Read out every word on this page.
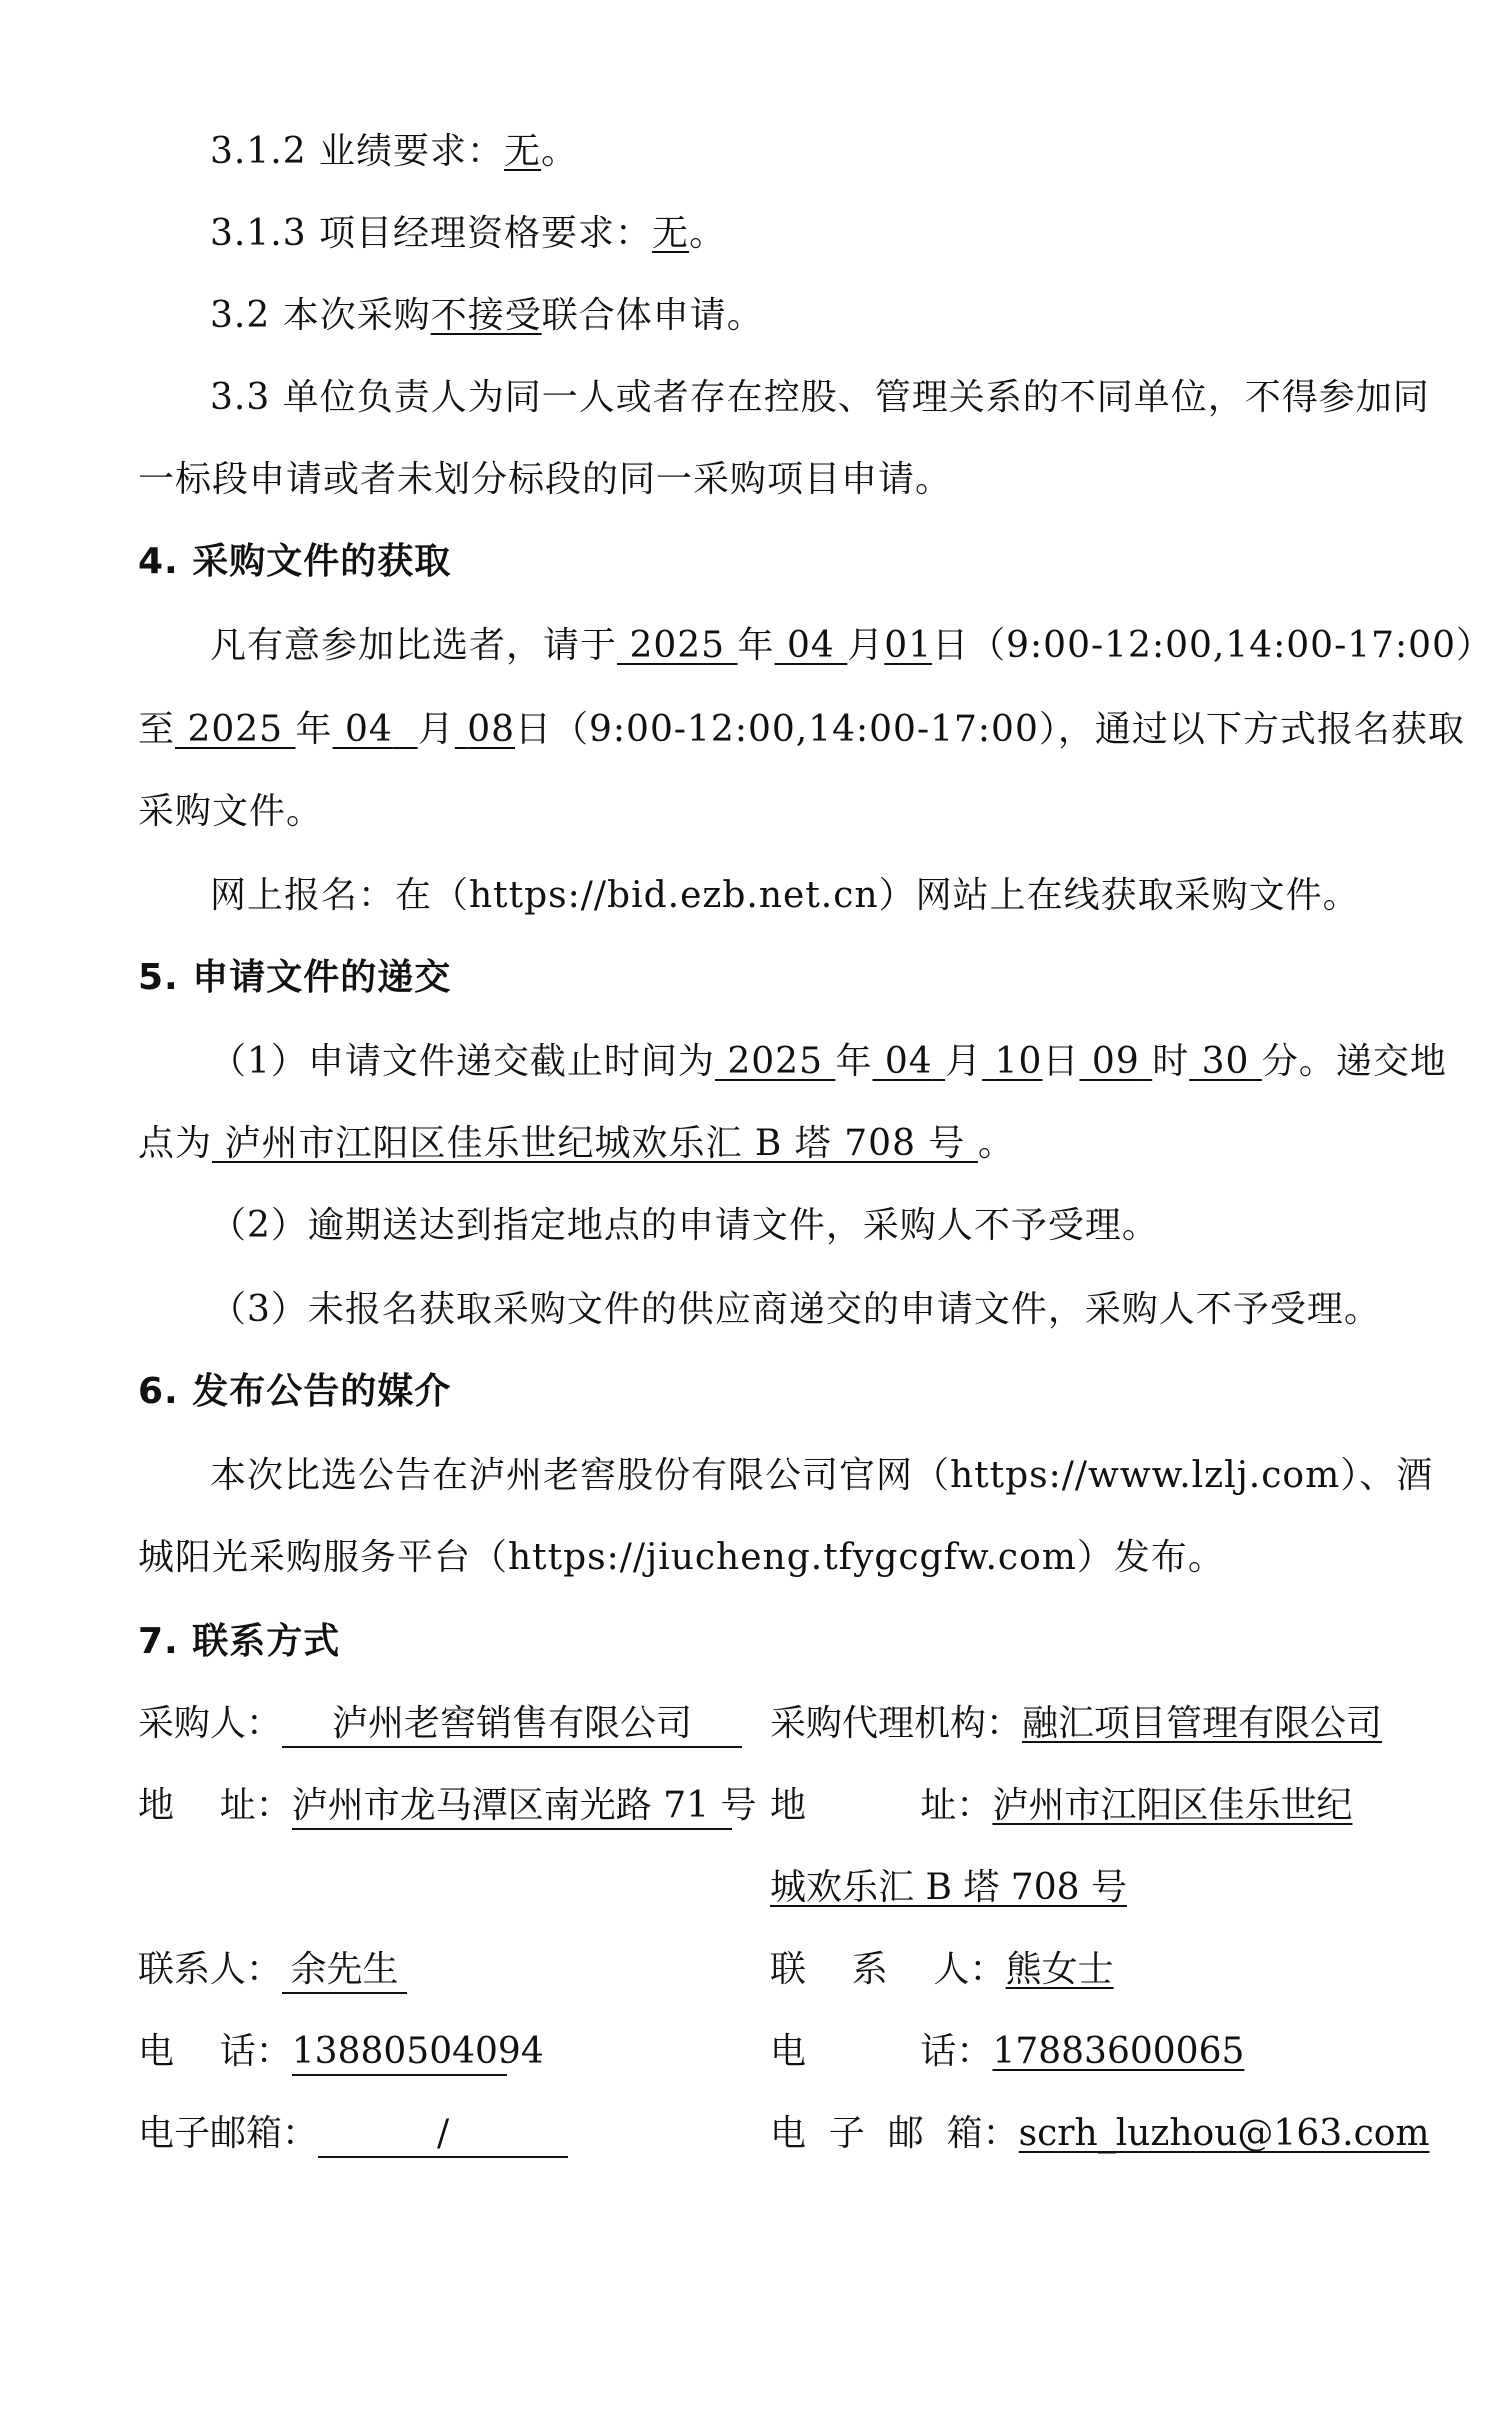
3.1.2 业绩要求：无。
3.1.3 项目经理资格要求：无。
3.2 本次采购不接受联合体申请。
3.3 单位负责人为同一人或者存在控股、管理关系的不同单位，不得参加同
一标段申请或者未划分标段的同一采购项目申请。
4. 采购文件的获取
凡有意参加比选者，请于 2025 年 04 月01日（9:00-12:00,14:00-17:00）
至 2025 年 04 月 08日（9:00-12:00,14:00-17:00），通过以下方式报名获取
采购文件。
网上报名：在（https://bid.ezb.net.cn）网站上在线获取采购文件。
5. 申请文件的递交
（1）申请文件递交截止时间为 2025 年 04 月 10日 09 时 30 分。递交地
点为 泸州市江阳区佳乐世纪城欢乐汇 B 塔 708 号 。
（2）逾期送达到指定地点的申请文件，采购人不予受理。
（3）未报名获取采购文件的供应商递交的申请文件，采购人不予受理。
6. 发布公告的媒介
本次比选公告在泸州老窖股份有限公司官网（https://www.lzlj.com）、酒
城阳光采购服务平台（https://jiucheng.tfygcgfw.com）发布。
7. 联系方式
采购人： 泸州老窖销售有限公司
地    址：泸州市龙马潭区南光路 71 号
联系人： 余先生
电    话：13880504094
电子邮箱：	/
采购代理机构：融汇项目管理有限公司
地          址：泸州市江阳区佳乐世纪
城欢乐汇 B 塔 708 号
联    系    人：熊女士
电          话：17883600065
电  子  邮  箱：scrh_luzhou@163.com
